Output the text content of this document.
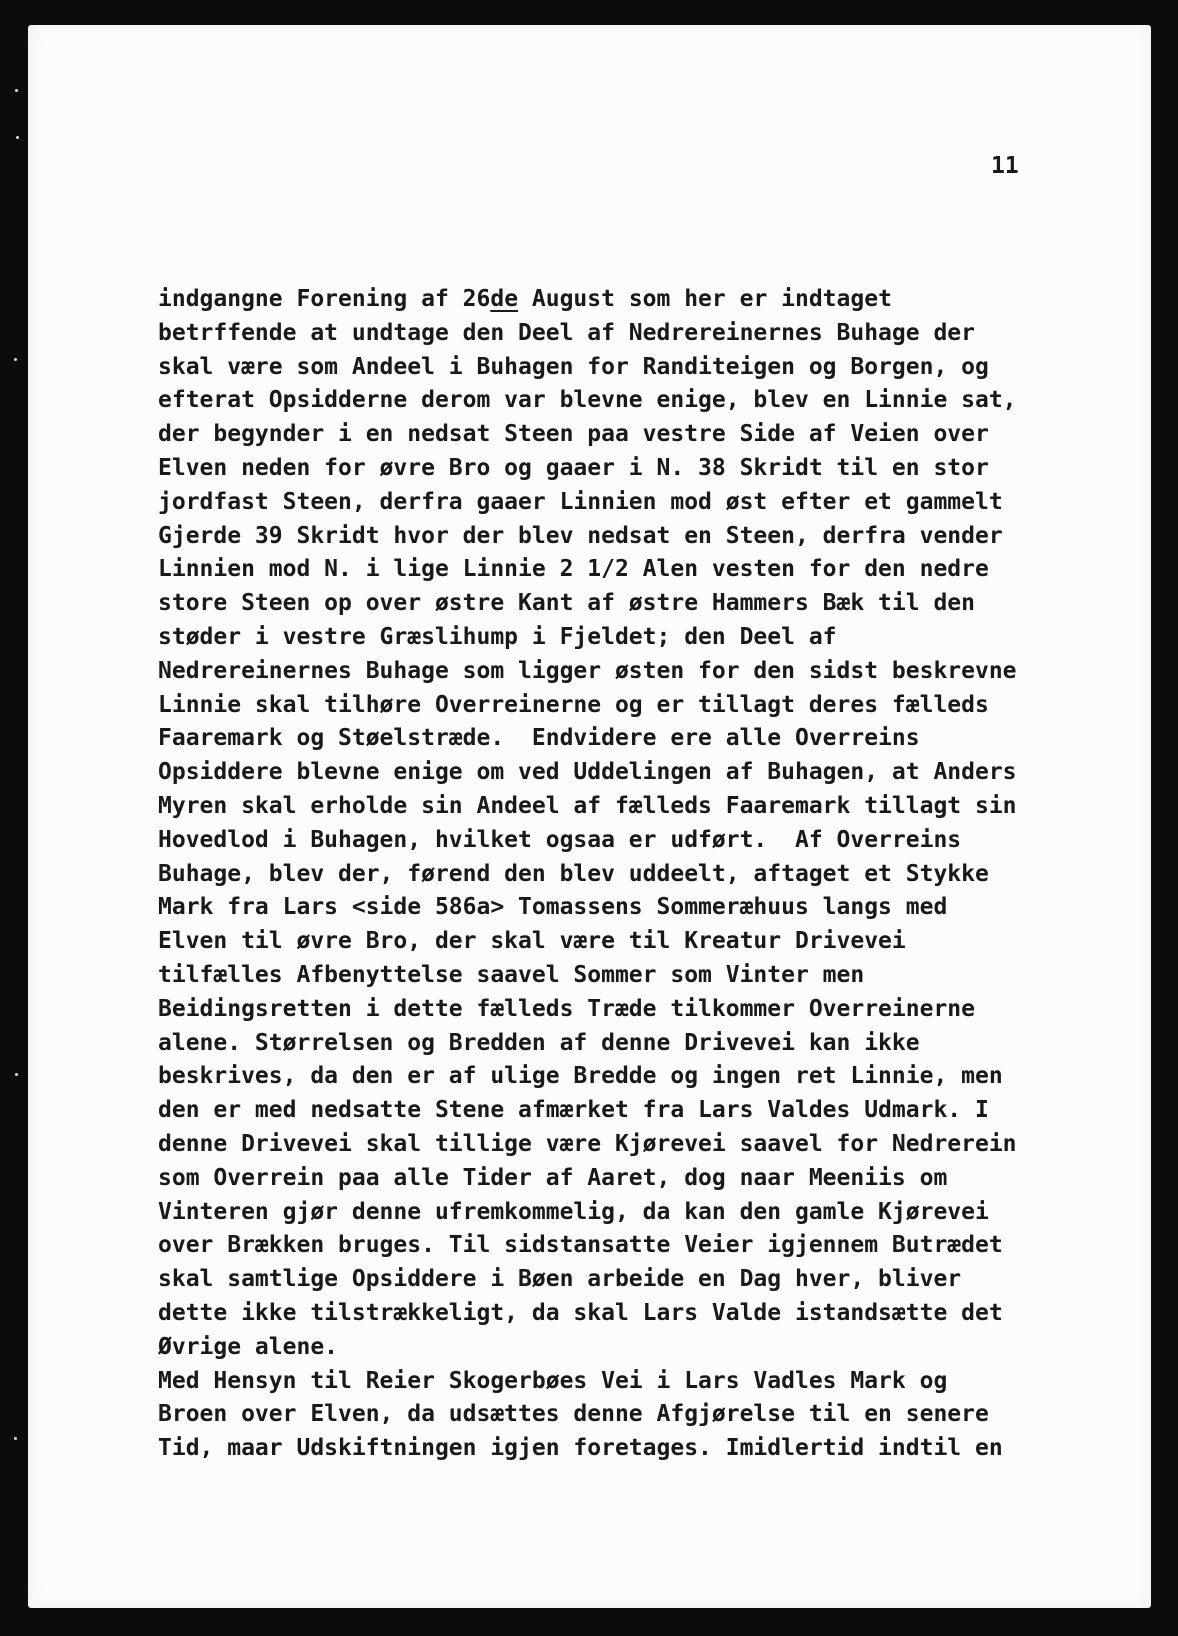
11
indgangne Forening af 26de August som her er indtaget
betrffende at undtage den Deel af Nedrereinernes Buhage der
skal være som Andeel i Buhagen for Randiteigen og Borgen, og
efterat Opsidderne derom var blevne enige, blev en Linnie sat,
der begynder i en nedsat Steen paa vestre Side af Veien over
Elven neden for øvre Bro og gaaer i N. 38 Skridt til en stor
jordfast Steen, derfra gaaer Linnien mod øst efter et gammelt
Gjerde 39 Skridt hvor der blev nedsat en Steen, derfra vender
Linnien mod N. i lige Linnie 2 1/2 Alen vesten for den nedre
store Steen op over østre Kant af østre Hammers Bæk til den
støder i vestre Græslihump i Fjeldet; den Deel af
Nedrereinernes Buhage som ligger østen for den sidst beskrevne
Linnie skal tilhøre Overreinerne og er tillagt deres fælleds
Faaremark og Støelstræde.  Endvidere ere alle Overreins
Opsiddere blevne enige om ved Uddelingen af Buhagen, at Anders
Myren skal erholde sin Andeel af fælleds Faaremark tillagt sin
Hovedlod i Buhagen, hvilket ogsaa er udført.  Af Overreins
Buhage, blev der, førend den blev uddeelt, aftaget et Stykke
Mark fra Lars <side 586a> Tomassens Sommeræhuus langs med
Elven til øvre Bro, der skal være til Kreatur Drivevei
tilfælles Afbenyttelse saavel Sommer som Vinter men
Beidingsretten i dette fælleds Træde tilkommer Overreinerne
alene. Størrelsen og Bredden af denne Drivevei kan ikke
beskrives, da den er af ulige Bredde og ingen ret Linnie, men
den er med nedsatte Stene afmærket fra Lars Valdes Udmark. I
denne Drivevei skal tillige være Kjørevei saavel for Nedrerein
som Overrein paa alle Tider af Aaret, dog naar Meeniis om
Vinteren gjør denne ufremkommelig, da kan den gamle Kjørevei
over Brækken bruges. Til sidstansatte Veier igjennem Butrædet
skal samtlige Opsiddere i Bøen arbeide en Dag hver, bliver
dette ikke tilstrækkeligt, da skal Lars Valde istandsætte det
Øvrige alene.
Med Hensyn til Reier Skogerbøes Vei i Lars Vadles Mark og
Broen over Elven, da udsættes denne Afgjørelse til en senere
Tid, maar Udskiftningen igjen foretages. Imidlertid indtil en
